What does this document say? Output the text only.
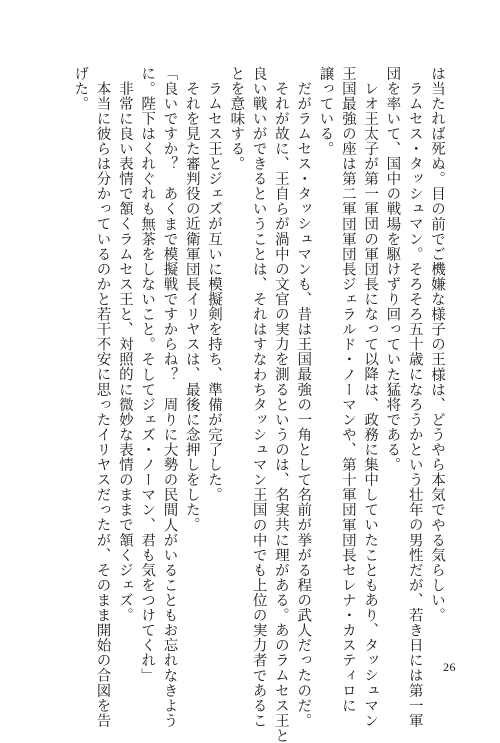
は当たれば死ぬ。目の前でご機嫌な様子の王様は、どうやら本気でやる気らしい。
ラムセス・タッシュマン。そろそろ五十歳になろうかという壮年の男性だが、若き日には第一軍
団を率いて、国中の戦場を駆けずり回っていた猛将である。
レオ王太子が第一軍団の軍団長になって以降は、政務に集中していたこともあり、タッシュマン
王国最強の座は第二軍団軍団長ジェラルド・ノーマンや、第十軍団軍団長セレナ・カスティロに
譲っている。
だがラムセス・タッシュマンも、昔は王国最強の一角として名前が挙がる程の武人だったのだ。
それが故に、王自らが渦中の文官の実力を測るというのは、名実共に理がある。あのラムセス王と
良い戦いができるということは、それはすなわちタッシュマン王国の中でも上位の実力者であるこ
とを意味する。
ラムセス王とジェズが互いに模擬剣を持ち、準備が完了した。
それを見た審判役の近衛軍団長イリヤスは、最後に念押しをした。
「良いですか？　あくまで模擬戦ですからね？　周りに大勢の民間人がいることもお忘れなきよう
に。陛下はくれぐれも無茶をしないこと。そしてジェズ・ノーマン、君も気をつけてくれ」
非常に良い表情で頷くラムセス王と、対照的に微妙な表情のままで頷くジェズ。
本当に彼らは分かっているのかと若干不安に思ったイリヤスだったが、そのまま開始の合図を告
げた。
26
